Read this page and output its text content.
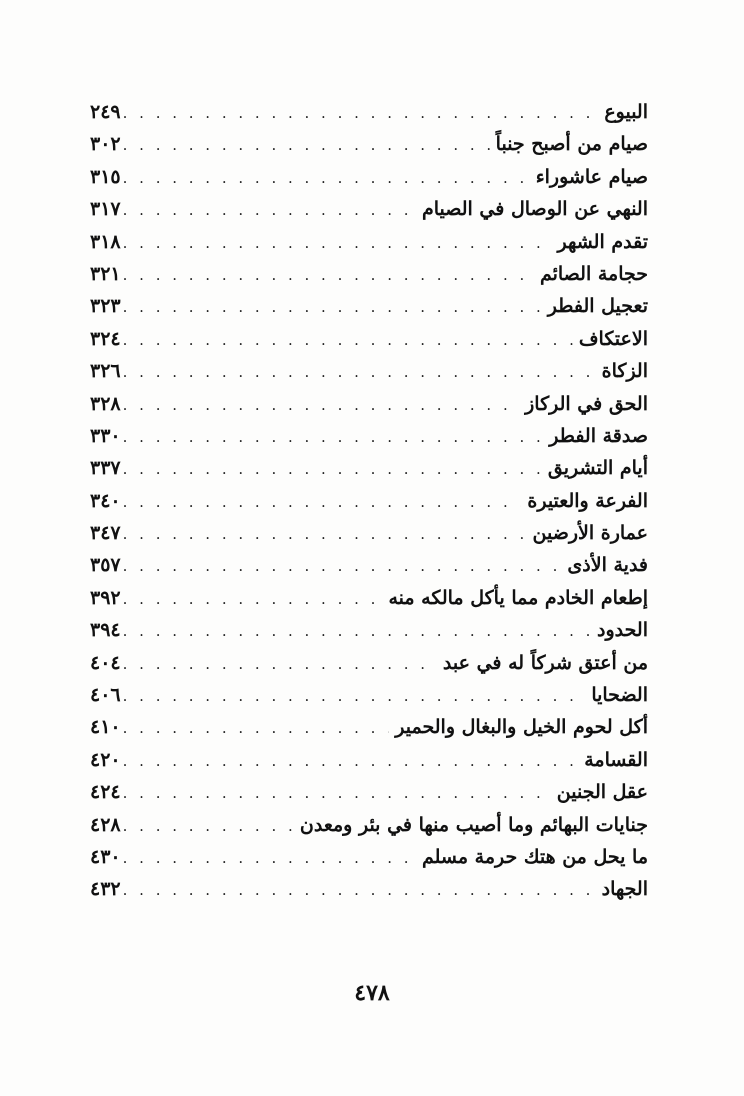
البيوع
. . .
٢٤٩
صيام من أصبح جنباً
. . .
٣٠٢
صيام عاشوراء
. . .
٣١٥
النهي عن الوصال في الصيام
. . .
٣١٧
تقدم الشهر
. . .
٣١٨
حجامة الصائم
. . .
٣٢١
تعجيل الفطر
. . .
٣٢٣
الاعتكاف
. . .
٣٢٤
الزكاة
. . .
٣٢٦
الحق في الركاز
. . .
٣٢٨
صدقة الفطر
. . .
٣٣٠
أيام التشريق
. . .
٣٣٧
الفرعة والعتيرة
. . .
٣٤٠
عمارة الأرضين
. . .
٣٤٧
فدية الأذى
. . .
٣٥٧
إطعام الخادم مما يأكل مالكه منه
. . .
٣٩٢
الحدود
. . .
٣٩٤
من أعتق شركاً له في عبد
. . .
٤٠٤
الضحايا
. . .
٤٠٦
أكل لحوم الخيل والبغال والحمير
. . .
٤١٠
القسامة
. . .
٤٢٠
عقل الجنين
. . .
٤٢٤
جنايات البهائم وما أصيب منها في بئر ومعدن
. . .
٤٢٨
ما يحل من هتك حرمة مسلم
. . .
٤٣٠
الجهاد
. . .
٤٣٢
٤٧٨
